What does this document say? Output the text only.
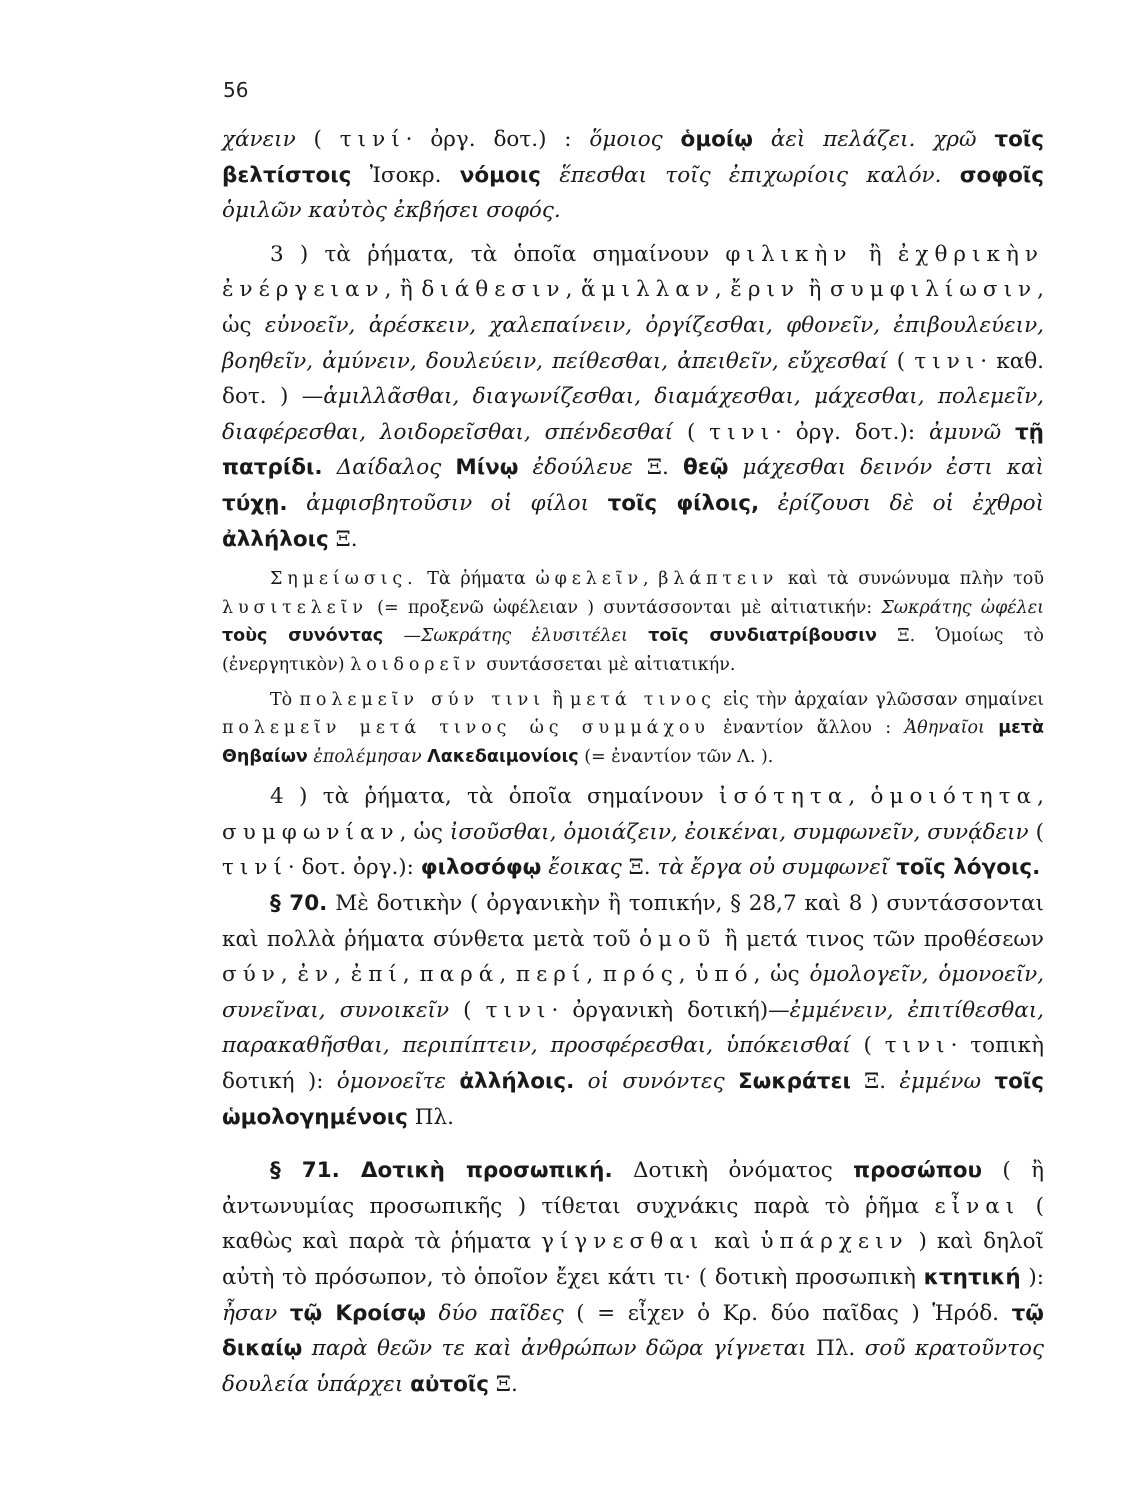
56

χάνειν ( τινί· ὀργ. δοτ.) : ὅμοιος ὁμοίῳ ἀεὶ πελάζει. χρῶ τοῖς βελτίστοις Ἰσοκρ. νόμοις ἕπεσθαι τοῖς ἐπιχωρίοις καλόν. σοφοῖς ὁμιλῶν καὐτὸς ἐκβήσει σοφός.

3 ) τὰ ῥήματα, τὰ ὁποῖα σημαίνουν φιλικὴν ἢ ἐχθρικὴν ἐνέργειαν, ἢ διάθεσιν, ἅμιλλαν, ἔριν ἢ συμφιλίωσιν, ὡς εὐνοεῖν, ἀρέσκειν, χαλεπαίνειν, ὀργίζεσθαι, φθονεῖν, ἐπιβουλεύειν, βοηθεῖν, ἀμύνειν, δουλεύειν, πείθεσθαι, ἀπειθεῖν, εὔχεσθαί ( τινι· καθ. δοτ. ) —ἁμιλλᾶσθαι, διαγωνίζεσθαι, διαμάχεσθαι, μάχεσθαι, πολεμεῖν, διαφέρεσθαι, λοιδορεῖσθαι, σπένδεσθαί ( τινι· ὀργ. δοτ.): ἀμυνῶ τῇ πατρίδι. Δαίδαλος Μίνῳ ἐδούλευε Ξ. θεῷ μάχεσθαι δεινόν ἐστι καὶ τύχῃ. ἀμφισβητοῦσιν οἱ φίλοι τοῖς φίλοις, ἐρίζουσι δὲ οἱ ἐχθροὶ ἀλλήλοις Ξ.

Σημείωσις. Τὰ ῥήματα ὠφελεῖν, βλάπτειν καὶ τὰ συνώνυμα πλὴν τοῦ λυσιτελεῖν (= προξενῶ ὠφέλειαν ) συντάσσονται μὲ αἰτιατικήν: Σωκράτης ὠφέλει τοὺς συνόντας —Σωκράτης ἐλυσιτέλει τοῖς συνδιατρίβουσιν Ξ. Ὁμοίως τὸ (ἐνεργητικὸν) λοιδορεῖν συντάσσεται μὲ αἰτιατικήν.

Τὸ πολεμεῖν σύν τινι ἢ μετά τινος εἰς τὴν ἀρχαίαν γλῶσσαν σημαίνει πολεμεῖν μετά τινος ὡς συμμάχου ἐναντίον ἄλλου : Ἀθηναῖοι μετὰ Θηβαίων ἐπολέμησαν Λακεδαιμονίοις (= ἐναντίον τῶν Λ. ).

4 ) τὰ ῥήματα, τὰ ὁποῖα σημαίνουν ἰσότητα, ὁμοιότητα, συμφωνίαν, ὡς ἰσοῦσθαι, ὁμοιάζειν, ἐοικέναι, συμφωνεῖν, συνᾴδειν ( τινί· δοτ. ὀργ.): φιλοσόφῳ ἔοικας Ξ. τὰ ἔργα οὐ συμφωνεῖ τοῖς λόγοις.

§ 70. Μὲ δοτικὴν ( ὀργανικὴν ἢ τοπικήν, § 28,7 καὶ 8 ) συντάσσονται καὶ πολλὰ ῥήματα σύνθετα μετὰ τοῦ ὁμοῦ ἢ μετά τινος τῶν προθέσεων σύν, ἐν, ἐπί, παρά, περί, πρός, ὑπό, ὡς ὁμολογεῖν, ὁμονοεῖν, συνεῖναι, συνοικεῖν ( τινι· ὀργανικὴ δοτική)—ἐμμένειν, ἐπιτίθεσθαι, παρακαθῆσθαι, περιπίπτειν, προσφέρεσθαι, ὑπόκεισθαί ( τινι· τοπικὴ δοτική ): ὁμονοεῖτε ἀλλήλοις. οἱ συνόντες Σωκράτει Ξ. ἐμμένω τοῖς ὡμολογημένοις Πλ.

§ 71. Δοτικὴ προσωπική. Δοτικὴ ὀνόματος προσώπου ( ἢ ἀντωνυμίας προσωπικῆς ) τίθεται συχνάκις παρὰ τὸ ῥῆμα εἶναι ( καθὼς καὶ παρὰ τὰ ῥήματα γίγνεσθαι καὶ ὑπάρχειν ) καὶ δηλοῖ αὐτὴ τὸ πρόσωπον, τὸ ὁποῖον ἔχει κάτι τι· ( δοτικὴ προσωπικὴ κτητική ): ἦσαν τῷ Κροίσῳ δύο παῖδες ( = εἶχεν ὁ Κρ. δύο παῖδας ) Ἡρόδ. τῷ δικαίῳ παρὰ θεῶν τε καὶ ἀνθρώπων δῶρα γίγνεται Πλ. σοῦ κρατοῦντος δουλεία ὑπάρχει αὐτοῖς Ξ.
